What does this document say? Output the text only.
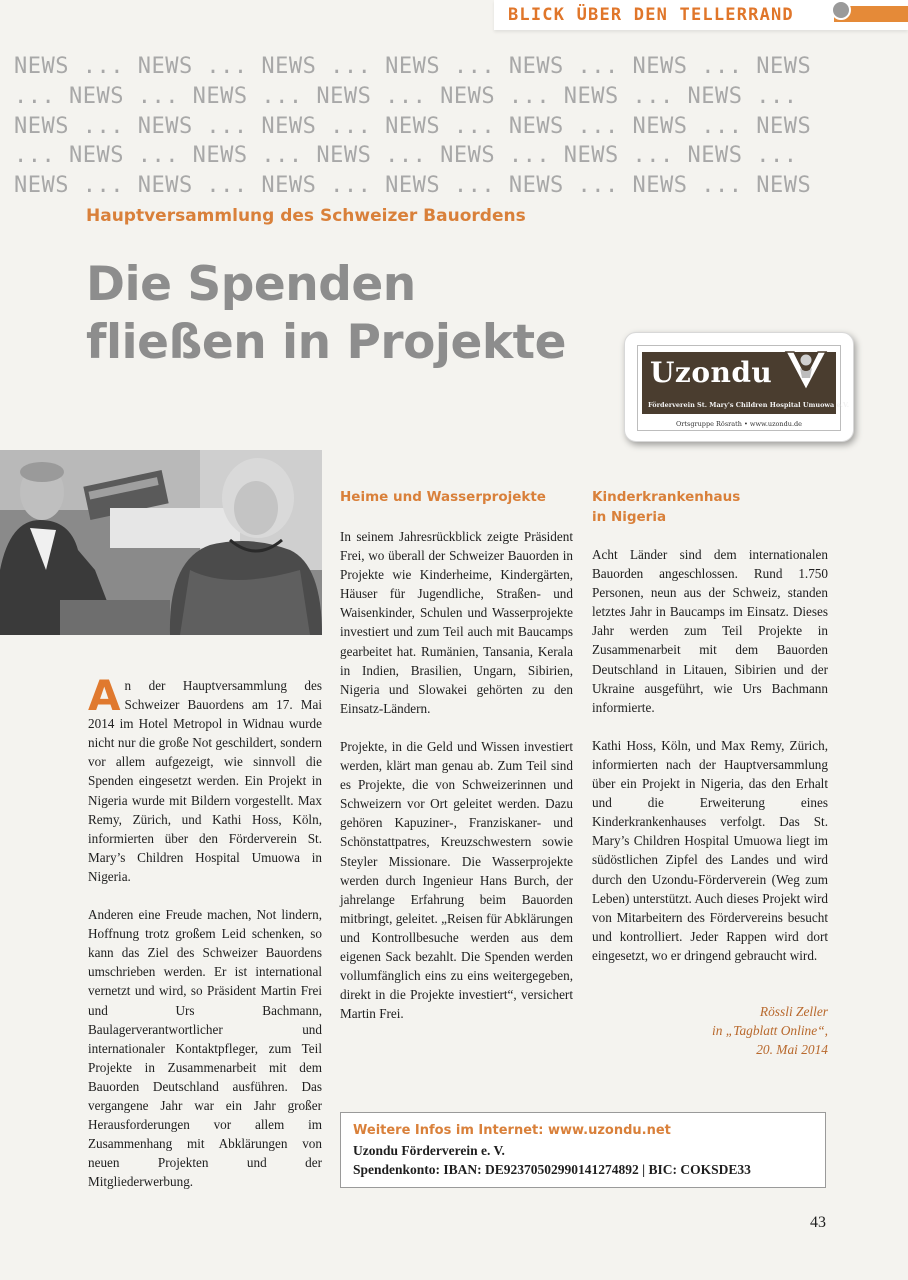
BLICK ÜBER DEN TELLERRAND
NEWS ... NEWS ... NEWS ... NEWS ... NEWS ... NEWS ... NEWS
... NEWS ... NEWS ... NEWS ... NEWS ... NEWS ... NEWS ...
NEWS ... NEWS ... NEWS ... NEWS ... NEWS ... NEWS ... NEWS
... NEWS ... NEWS ... NEWS ... NEWS ... NEWS ... NEWS ...
NEWS ... NEWS ... NEWS ... NEWS ... NEWS ... NEWS ... NEWS
Hauptversammlung des Schweizer Bauordens
Die Spenden
fließen in Projekte
Uzondu
Förderverein St. Mary's Children Hospital Umuowa e.V.
Ortsgruppe Rösrath • www.uzondu.de

An der Hauptversammlung des Schweizer Bauordens am 17. Mai 2014 im Hotel Metropol in Widnau wurde nicht nur die große Not geschildert, sondern vor allem aufgezeigt, wie sinnvoll die Spenden eingesetzt werden. Ein Projekt in Nigeria wurde mit Bildern vorgestellt. Max Remy, Zürich, und Kathi Hoss, Köln, informierten über den Förderverein St. Mary’s Children Hospital Umuowa in Nigeria.

Anderen eine Freude machen, Not lindern, Hoffnung trotz großem Leid schenken, so kann das Ziel des Schweizer Bauordens umschrieben werden. Er ist international vernetzt und wird, so Präsident Martin Frei und Urs Bachmann, Baulagerverantwortlicher und internationaler Kontaktpfleger, zum Teil Projekte in Zusammenarbeit mit dem Bauorden Deutschland ausführen. Das vergangene Jahr war ein Jahr großer Herausforderungen vor allem im Zusammenhang mit Abklärungen von neuen Projekten und der Mitgliederwerbung.

Heime und Wasserprojekte

In seinem Jahresrückblick zeigte Präsident Frei, wo überall der Schweizer Bauorden in Projekte wie Kinderheime, Kindergärten, Häuser für Jugendliche, Straßen- und Waisenkinder, Schulen und Wasserprojekte investiert und zum Teil auch mit Baucamps gearbeitet hat. Rumänien, Tansania, Kerala in Indien, Brasilien, Ungarn, Sibirien, Nigeria und Slowakei gehörten zu den Einsatz-Ländern.

Projekte, in die Geld und Wissen investiert werden, klärt man genau ab. Zum Teil sind es Projekte, die von Schweizerinnen und Schweizern vor Ort geleitet werden. Dazu gehören Kapuziner-, Franziskaner- und Schönstattpatres, Kreuzschwestern sowie Steyler Missionare. Die Wasserprojekte werden durch Ingenieur Hans Burch, der jahrelange Erfahrung beim Bauorden mitbringt, geleitet. „Reisen für Abklärungen und Kontrollbesuche werden aus dem eigenen Sack bezahlt. Die Spenden werden vollumfänglich eins zu eins weitergegeben, direkt in die Projekte investiert“, versichert Martin Frei.

Kinderkrankenhaus
in Nigeria

Acht Länder sind dem internationalen Bauorden angeschlossen. Rund 1.750 Personen, neun aus der Schweiz, standen letztes Jahr in Baucamps im Einsatz. Dieses Jahr werden zum Teil Projekte in Zusammenarbeit mit dem Bauorden Deutschland in Litauen, Sibirien und der Ukraine ausgeführt, wie Urs Bachmann informierte.

Kathi Hoss, Köln, und Max Remy, Zürich, informierten nach der Hauptversammlung über ein Projekt in Nigeria, das den Erhalt und die Erweiterung eines Kinderkrankenhauses verfolgt. Das St. Mary’s Children Hospital Umuowa liegt im südöstlichen Zipfel des Landes und wird durch den Uzondu-Förderverein (Weg zum Leben) unterstützt. Auch dieses Projekt wird von Mitarbeitern des Fördervereins besucht und kontrolliert. Jeder Rappen wird dort eingesetzt, wo er dringend gebraucht wird.

Rössli Zeller
in „Tagblatt Online“,
20. Mai 2014
Weitere Infos im Internet: www.uzondu.net
Uzondu Förderverein e. V.
Spendenkonto: IBAN: DE92370502990141274892 | BIC: COKSDE33
43
